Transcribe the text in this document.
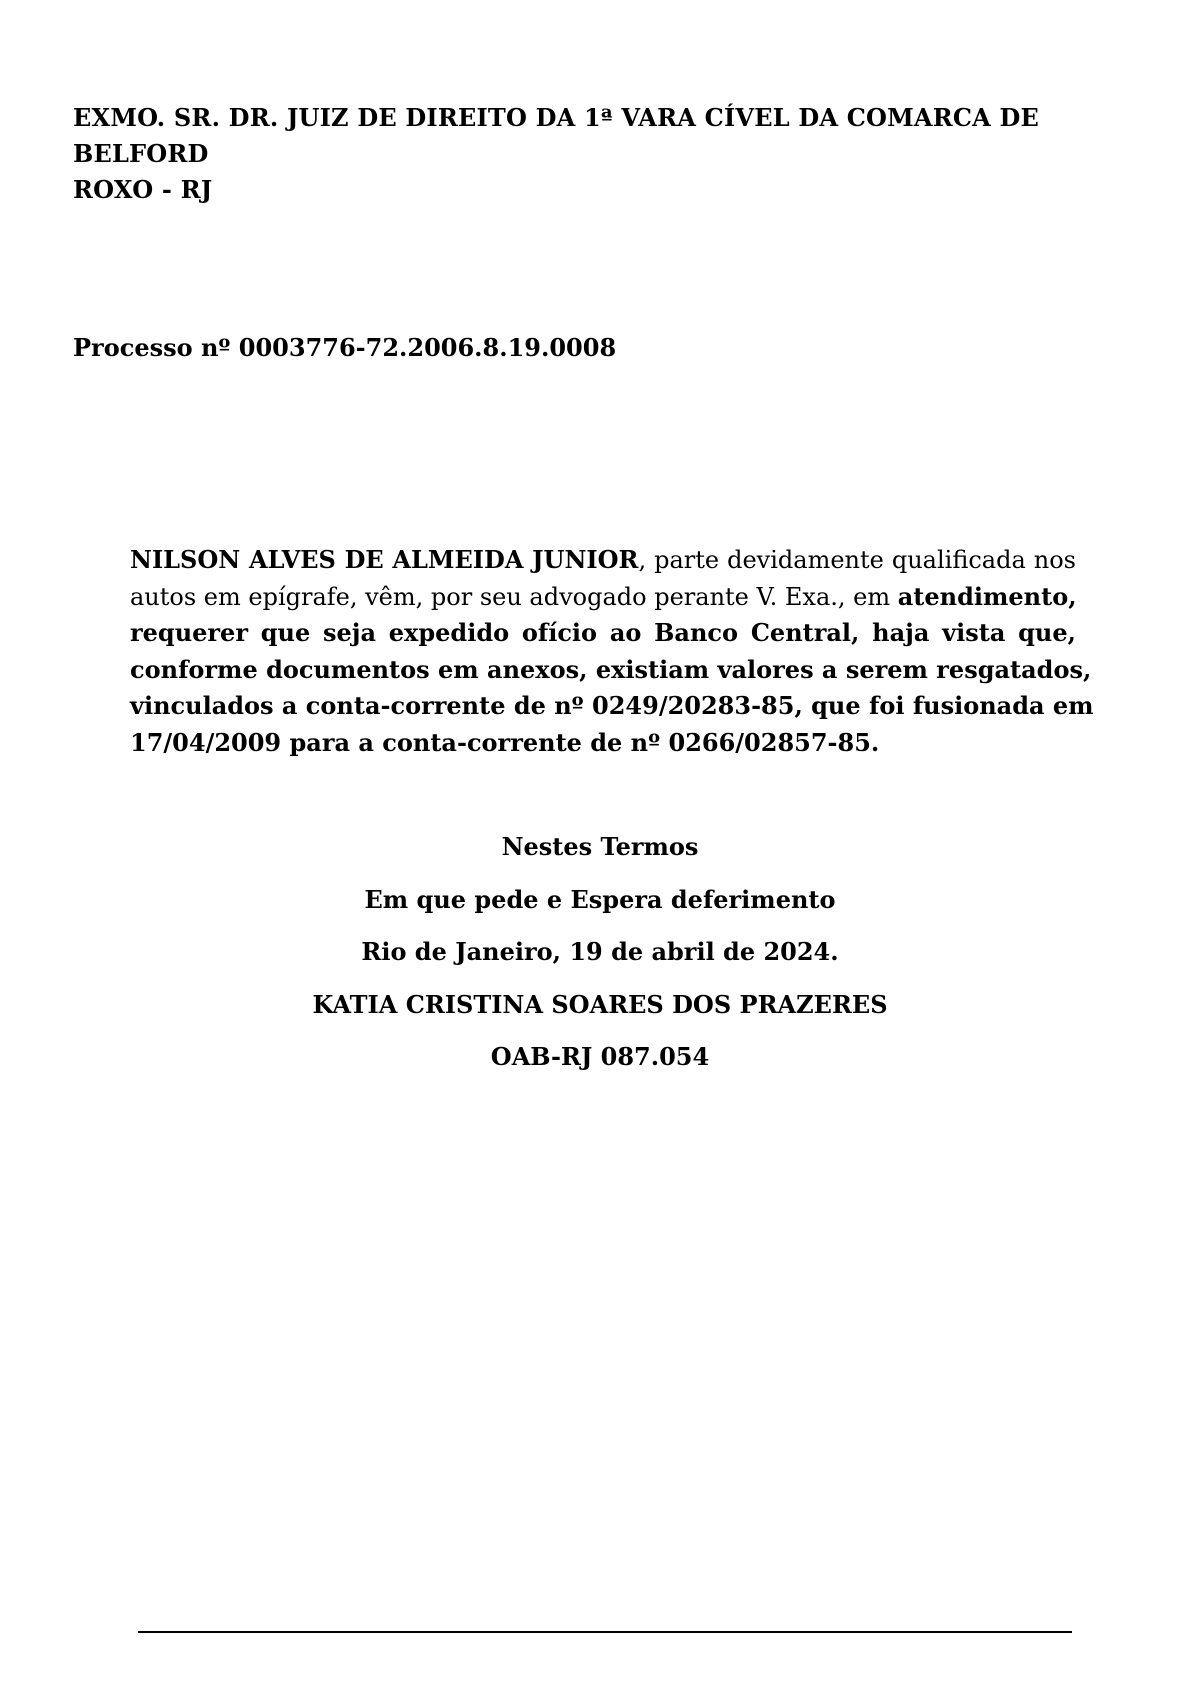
EXMO. SR. DR. JUIZ DE DIREITO DA 1ª VARA CÍVEL DA COMARCA DE BELFORD
ROXO - RJ
Processo nº 0003776-72.2006.8.19.0008
NILSON ALVES DE ALMEIDA JUNIOR, parte devidamente qualificada nos
autos em epígrafe, vêm, por seu advogado perante V. Exa., em atendimento,
requerer que seja expedido ofício ao Banco Central, haja vista que,
conforme documentos em anexos, existiam valores a serem resgatados,
vinculados a conta-corrente de nº 0249/20283-85, que foi fusionada em
17/04/2009 para a conta-corrente de nº 0266/02857-85.
Nestes Termos
Em que pede e Espera deferimento
Rio de Janeiro, 19 de abril de 2024.
KATIA CRISTINA SOARES DOS PRAZERES
OAB-RJ 087.054
